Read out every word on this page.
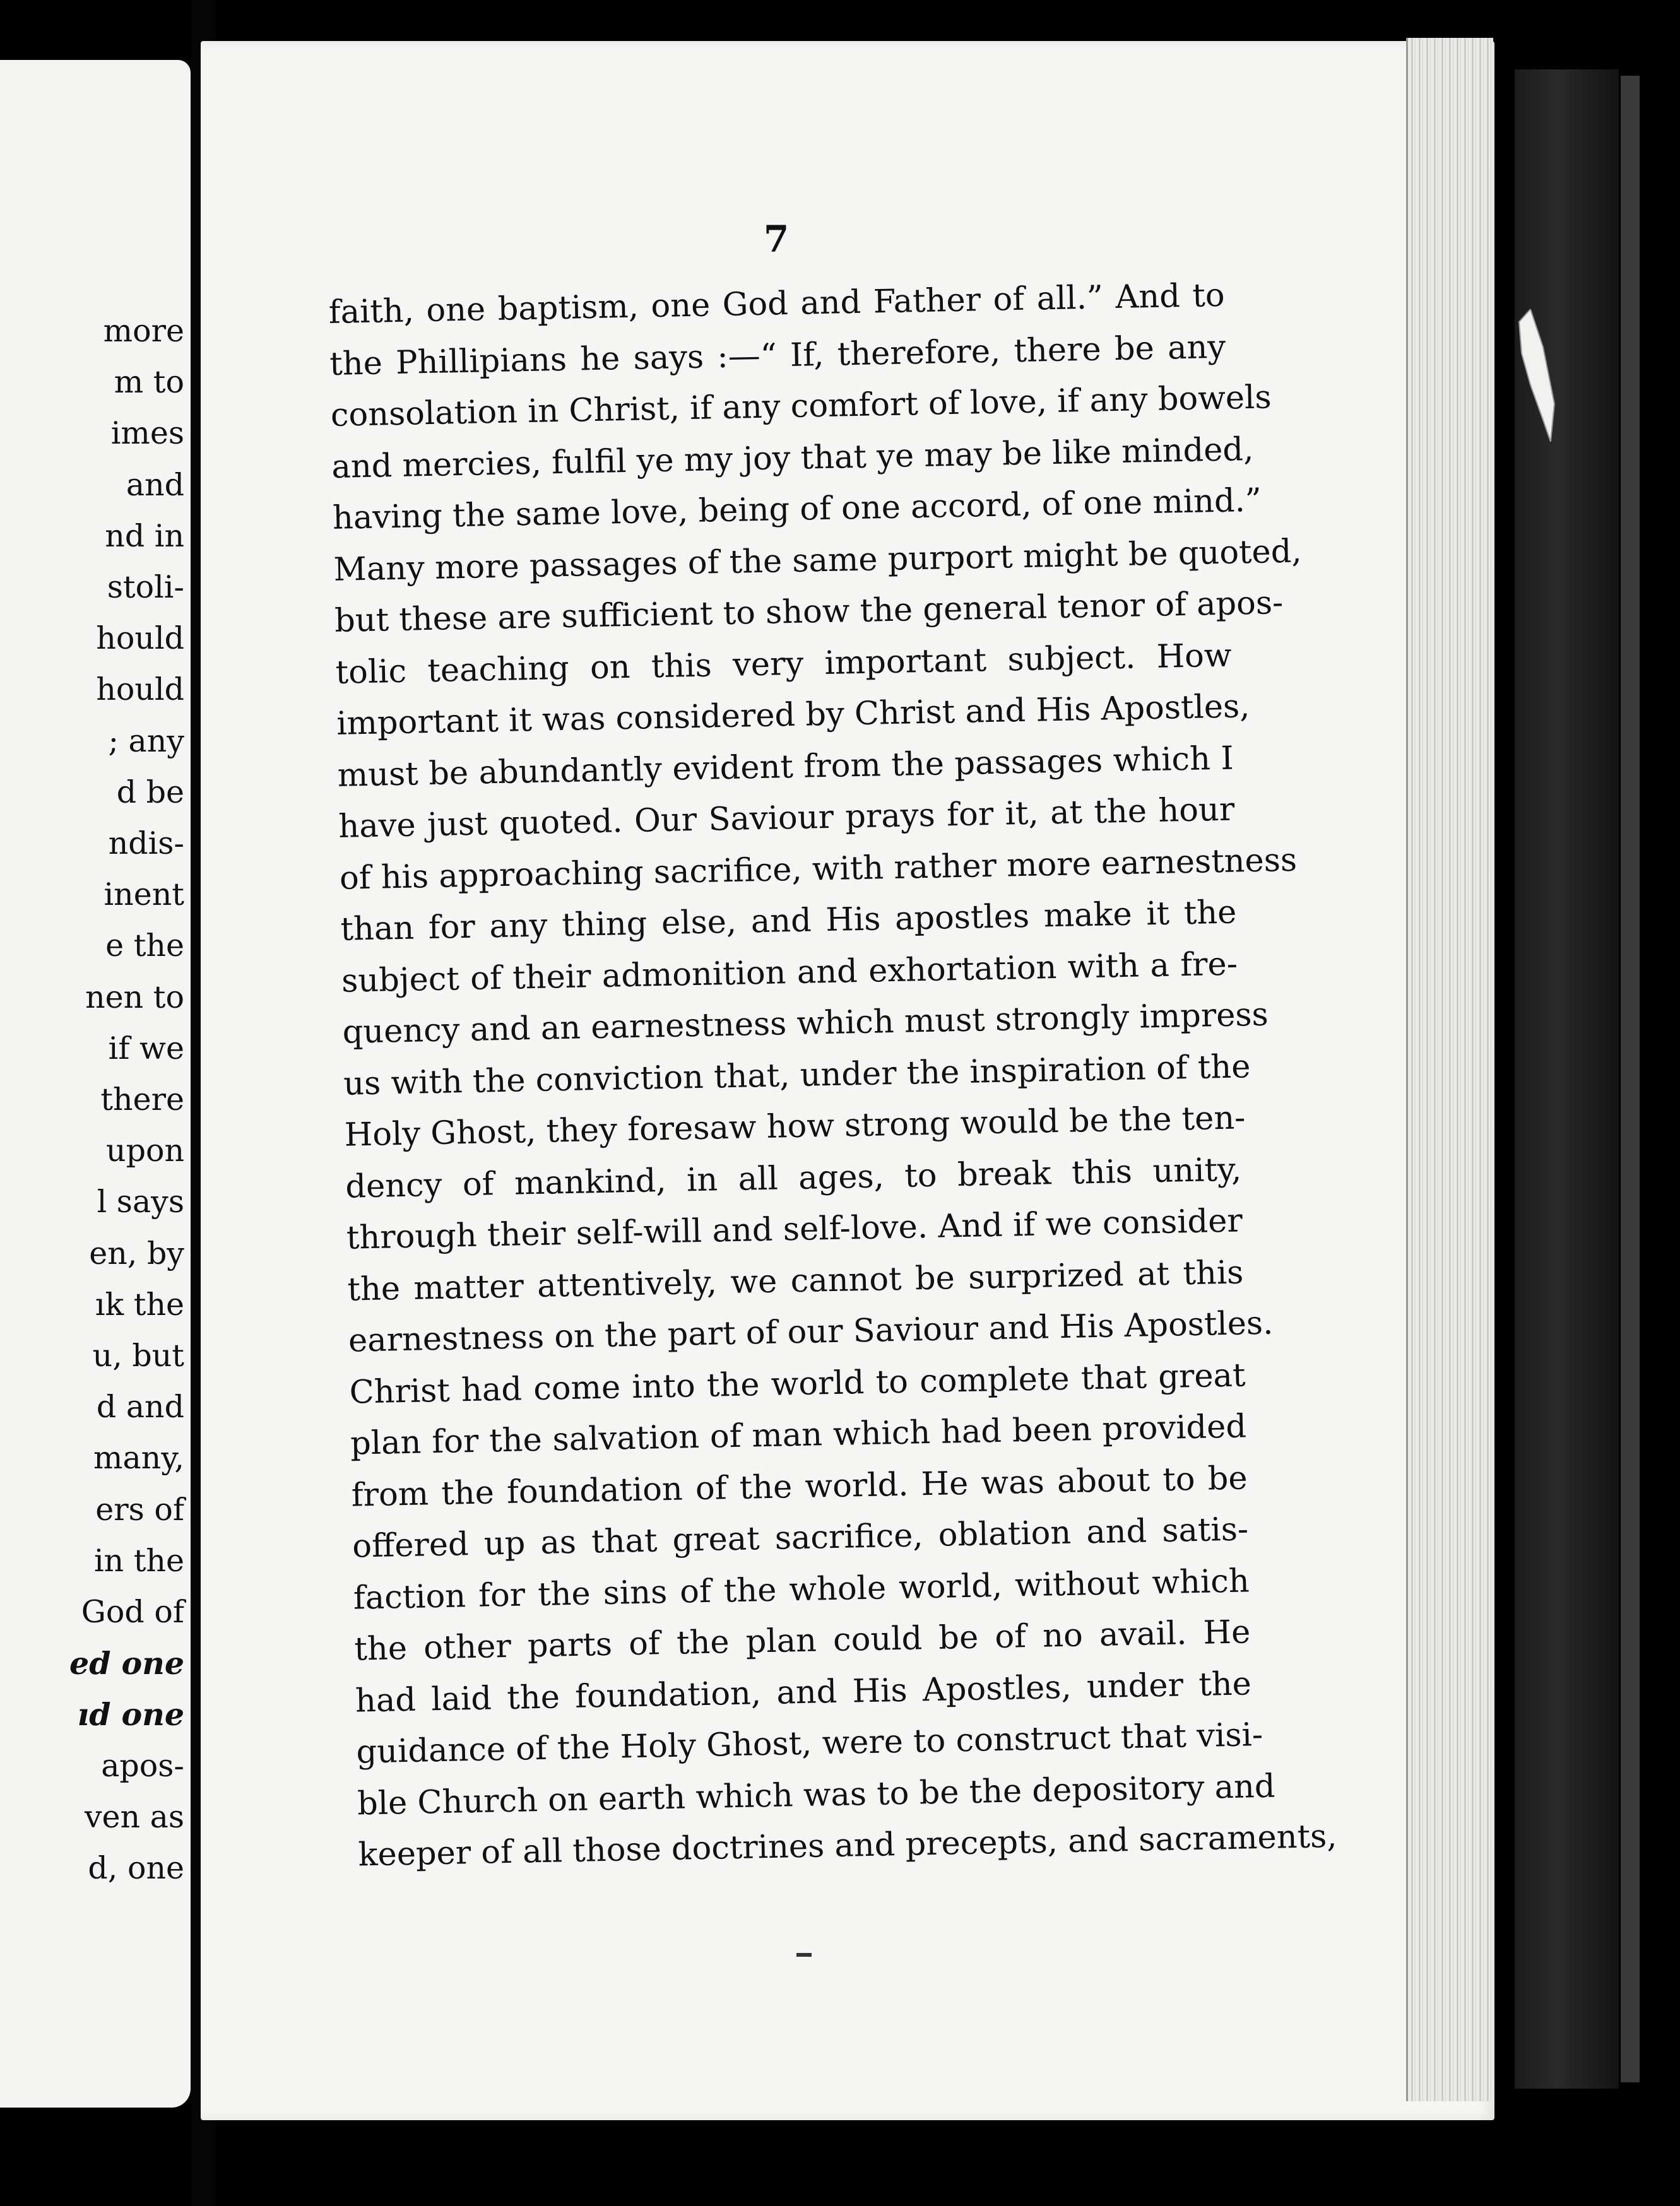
more
m to
imes
and
nd in
stoli-
hould
hould
; any
d be
ndis-
inent
e the
nen to
if we
there
upon
l says
en, by
ık the
u, but
d and
many,
ers of
in the
God of
ed one
ıd one
apos-
ven as
d, one
7
faith, one baptism, one God and Father of all.” And to
the Phillipians he says :—“ If, therefore, there be any
consolation in Christ, if any comfort of love, if any bowels
and mercies, fulfil ye my joy that ye may be like minded,
having the same love, being of one accord, of one mind.”
Many more passages of the same purport might be quoted,
but these are sufficient to show the general tenor of apos-
tolic teaching on this very important subject. How
important it was considered by Christ and His Apostles,
must be abundantly evident from the passages which I
have just quoted. Our Saviour prays for it, at the hour
of his approaching sacrifice, with rather more earnestness
than for any thing else, and His apostles make it the
subject of their admonition and exhortation with a fre-
quency and an earnestness which must strongly impress
us with the conviction that, under the inspiration of the
Holy Ghost, they foresaw how strong would be the ten-
dency of mankind, in all ages, to break this unity,
through their self-will and self-love. And if we consider
the matter attentively, we cannot be surprized at this
earnestness on the part of our Saviour and His Apostles.
Christ had come into the world to complete that great
plan for the salvation of man which had been provided
from the foundation of the world. He was about to be
offered up as that great sacrifice, oblation and satis-
faction for the sins of the whole world, without which
the other parts of the plan could be of no avail. He
had laid the foundation, and His Apostles, under the
guidance of the Holy Ghost, were to construct that visi-
ble Church on earth which was to be the depository and
keeper of all those doctrines and precepts, and sacraments,
